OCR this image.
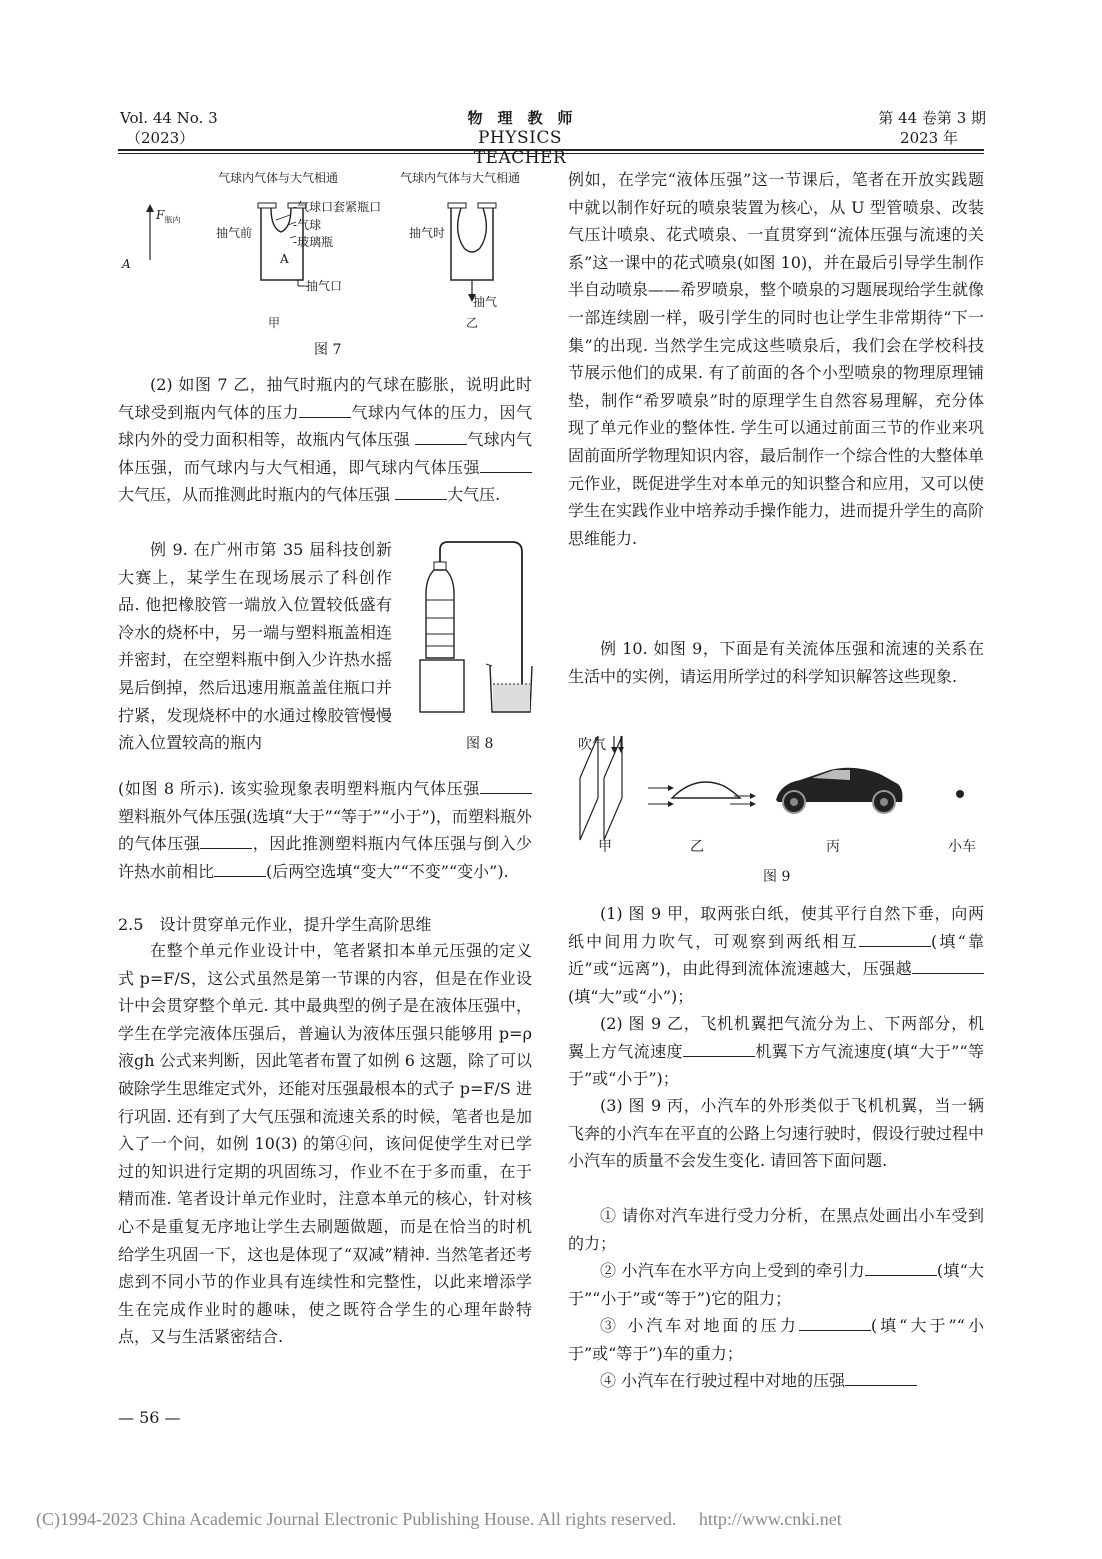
Vol. 44 No. 3
（2023）
物　理　教　师
PHYSICS TEACHER
第 44 卷第 3 期
2023 年
气球内气体与大气相通	气球内气体与大气相通
$F_{瓶内}$
A
抽气前
-气球口套紧瓶口
-气球
-玻璃瓶
抽气口
A
抽气时
抽气
甲	乙
图 7
(2) 如图 7 乙，抽气时瓶内的气球在膨胀，说明此时气球受到瓶内气体的压力	气球内气体的压力，因气球内外的受力面积相等，故瓶内气体压强	气球内气体压强，而气球内与大气相通，即气球内气体压强大气压，从而推测此时瓶内的气体压强	大气压.
例 9. 在广州市第 35 届科技创新大赛上，某学生在现场展示了科创作品. 他把橡胶管一端放入位置较低盛有冷水的烧杯中，另一端与塑料瓶盖相连并密封，在空塑料瓶中倒入少许热水摇晃后倒掉，然后迅速用瓶盖盖住瓶口并拧紧，发现烧杯中的水通过橡胶管慢慢流入位置较高的瓶内	图 8
(如图 8 所示). 该实验现象表明塑料瓶内气体压强塑料瓶外气体压强(选填“大于”“等于”“小于”)，而塑料瓶外的气体压强	，因此推测塑料瓶内气体压强与倒入少许热水前相比	(后两空选填“变大”“不变”“变小”).
2.5　设计贯穿单元作业，提升学生高阶思维
在整个单元作业设计中，笔者紧扣本单元压强的定义式 p=F/S，这公式虽然是第一节课的内容，但是在作业设计中会贯穿整个单元. 其中最典型的例子是在液体压强中，学生在学完液体压强后，普遍认为液体压强只能够用 p=ρ液gh 公式来判断，因此笔者布置了如例 6 这题，除了可以破除学生思维定式外，还能对压强最根本的式子 p=F/S 进行巩固. 还有到了大气压强和流速关系的时候，笔者也是加入了一个问，如例 10(3) 的第④问，该问促使学生对已学过的知识进行定期的巩固练习，作业不在于多而重，在于精而准. 笔者设计单元作业时，注意本单元的核心，针对核心不是重复无序地让学生去刷题做题，而是在恰当的时机给学生巩固一下，这也是体现了“双减”精神. 当然笔者还考虑到不同小节的作业具有连续性和完整性，以此来增添学生在完成作业时的趣味，使之既符合学生的心理年龄特点，又与生活紧密结合.
例如，在学完“液体压强”这一节课后，笔者在开放实践题中就以制作好玩的喷泉装置为核心，从 U 型管喷泉、改装气压计喷泉、花式喷泉、一直贯穿到“流体压强与流速的关系”这一课中的花式喷泉(如图 10)，并在最后引导学生制作半自动喷泉——希罗喷泉，整个喷泉的习题展现给学生就像一部连续剧一样，吸引学生的同时也让学生非常期待“下一集”的出现. 当然学生完成这些喷泉后，我们会在学校科技节展示他们的成果. 有了前面的各个小型喷泉的物理原理铺垫，制作“希罗喷泉”时的原理学生自然容易理解，充分体现了单元作业的整体性. 学生可以通过前面三节的作业来巩固前面所学物理知识内容，最后制作一个综合性的大整体单元作业，既促进学生对本单元的知识整合和应用，又可以使学生在实践作业中培养动手操作能力，进而提升学生的高阶思维能力.
例 10. 如图 9，下面是有关流体压强和流速的关系在生活中的实例，请运用所学过的科学知识解答这些现象.
吹气
甲	乙	丙	小车
图 9
(1) 图 9 甲，取两张白纸，使其平行自然下垂，向两纸中间用力吹气，可观察到两纸相互	(填“靠近”或“远离”)，由此得到流体流速越大，压强越(填“大”或“小”)；
(2) 图 9 乙，飞机机翼把气流分为上、下两部分，机翼上方气流速度	机翼下方气流速度(填“大于”“等于”或“小于”)；
(3) 图 9 丙，小汽车的外形类似于飞机机翼，当一辆飞奔的小汽车在平直的公路上匀速行驶时，假设行驶过程中小汽车的质量不会发生变化. 请回答下面问题.
① 请你对汽车进行受力分析，在黑点处画出小车受到的力；
② 小汽车在水平方向上受到的牵引力	(填“大于”“小于”或“等于”)它的阻力；
③ 小汽车对地面的压力	(填“大于”“小于”或“等于”)车的重力；
④ 小汽车在行驶过程中对地的压强
— 56 —
(C)1994-2023 China Academic Journal Electronic Publishing House. All rights reserved.　 http://www.cnki.net
